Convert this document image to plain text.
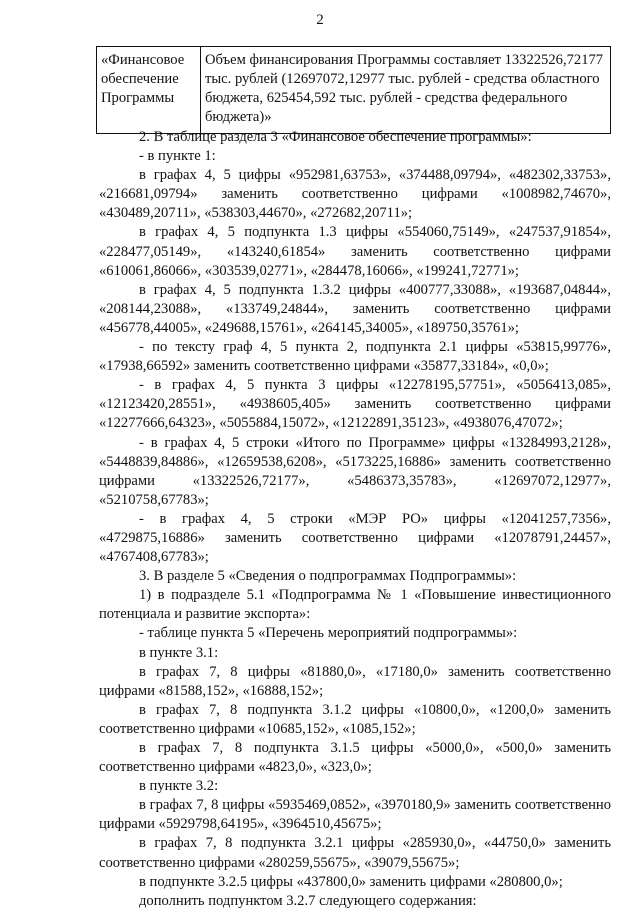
2
«Финансовое обеспечение Программы	Объем финансирования Программы составляет 13322526,72177 тыс. рублей (12697072,12977 тыс. рублей - средства областного бюджета, 625454,592 тыс. рублей - средства федерального бюджета)»

2. В таблице раздела 3 «Финансовое обеспечение программы»:

- в пункте 1:

в графах 4, 5 цифры «952981,63753», «374488,09794», «482302,33753», «216681,09794» заменить соответственно цифрами «1008982,74670», «430489,20711», «538303,44670», «272682,20711»;

в графах 4, 5 подпункта 1.3 цифры «554060,75149», «247537,91854», «228477,05149», «143240,61854» заменить соответственно цифрами «610061,86066», «303539,02771», «284478,16066», «199241,72771»;

в графах 4, 5 подпункта 1.3.2 цифры «400777,33088», «193687,04844», «208144,23088», «133749,24844», заменить соответственно цифрами «456778,44005», «249688,15761», «264145,34005», «189750,35761»;

- по тексту граф 4, 5 пункта 2, подпункта 2.1 цифры «53815,99776», «17938,66592» заменить соответственно цифрами «35877,33184», «0,0»;

- в графах 4, 5 пункта 3 цифры «12278195,57751», «5056413,085», «12123420,28551», «4938605,405» заменить соответственно цифрами «12277666,64323», «5055884,15072», «12122891,35123», «4938076,47072»;

- в графах 4, 5 строки «Итого по Программе» цифры «13284993,2128», «5448839,84886», «12659538,6208», «5173225,16886» заменить соответственно цифрами «13322526,72177», «5486373,35783», «12697072,12977», «5210758,67783»;

- в графах 4, 5 строки «МЭР РО» цифры «12041257,7356», «4729875,16886» заменить соответственно цифрами «12078791,24457», «4767408,67783»;

3. В разделе 5 «Сведения о подпрограммах Подпрограммы»:

1) в подразделе 5.1 «Подпрограмма № 1 «Повышение инвестиционного потенциала и развитие экспорта»:

- таблице пункта 5 «Перечень мероприятий подпрограммы»:

в пункте 3.1:

в графах 7, 8 цифры «81880,0», «17180,0» заменить соответственно цифрами «81588,152», «16888,152»;

в графах 7, 8 подпункта 3.1.2 цифры «10800,0», «1200,0» заменить соответственно цифрами «10685,152», «1085,152»;

в графах 7, 8 подпункта 3.1.5 цифры «5000,0», «500,0» заменить соответственно цифрами «4823,0», «323,0»;

в пункте 3.2:

в графах 7, 8 цифры «5935469,0852», «3970180,9» заменить соответственно цифрами «5929798,64195», «3964510,45675»;

в графах 7, 8 подпункта 3.2.1 цифры «285930,0», «44750,0» заменить соответственно цифрами «280259,55675», «39079,55675»;

в подпункте 3.2.5 цифры «437800,0» заменить цифрами «280800,0»;

дополнить подпунктом 3.2.7 следующего содержания:
